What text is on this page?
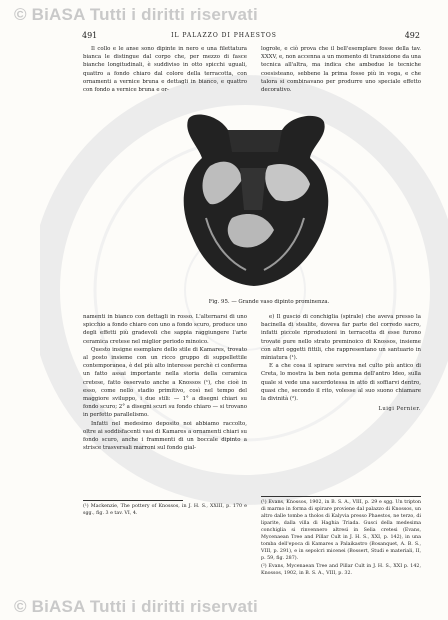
© BiASA Tutti i diritti riservati
© BiASA Tutti i diritti riservati
491	IL PALAZZO DI PHAESTOS	492

Il collo e le anse sono dipinte in nero e una filettatura bianca le distingue dal corpo che, per mezzo di fasce bianche longitudinali, è suddiviso in otto spicchi uguali, quattro a fondo chiaro dal colore della terracotta, con ornamenti a vernice bruna e dettagli in bianco, e quattro con fondo a vernice bruna e or-

logrołe, e ciò prova che il bell'esemplare fosse della tav. XXXV, e, non accenna a un momento di transizione da una tecnica all'altra, ma indica che ambedue le tecniche coesisteano, sebbene la prima fosse più in voga, e che talora si combinavano per produrre uno speciale effetto decorativo.

Fig. 95. — Grande vaso dipinto prominenza.

namenti in bianco con dettagli in rosso. L'alternarsi di uno spicchio a fondo chiaro con uno a fondo scuro, produce uno degli effetti più gradevoli che sappia raggiungere l'arte ceramica cretese nel miglior periodo minoico.

Questo insigne esemplare dello stile di Kamares, trovato al posto insieme con un ricco gruppo di suppellettile contemporanea, è del più alto interesse perchè ci conferma un fatto assai importante nella storia della ceramica cretese, fatto osservato anche a Knossos (¹), che cioè in esso, come nello stadio primitivo, così nel tempo del maggiore sviluppo, i due stili: — 1° a disegni chiari su fondo scuro; 2° a disegni scuri su fondo chiaro — si trovano in perfetto parallelismo.

Infatti nel medesimo deposito noi abbiamo raccolto, oltre ai soddisfacenti vasi di Kamares a ornamenti chiari su fondo scuro, anche i frammenti di un boccale dipinto a strisce trasversali marroni sul fondo gial-

e) Il guscio di conchiglia (spirale) che aveva presso la bacinella di stealite, doveva far parte del corredo sacro, infatti piccole riproduzioni in terracotta di esse furono trovate pure nello strato preminoico di Knossos, insieme con altri oggetti fittili, che rappresentano un santuario in miniatura (¹).

E a che cosa il spirare serviva nel culto più antico di Creta, lo mostra la ben nota gemma dell'antro Ideo, sulla quale si vede una sacerdotessa in atto di soffiarvi dentro, quasi che, secondo il rito, volesse al suo suono chiamare la divinità (²).

Luigi Pernier.

(¹) Mackenzie, The pottery of Knossos, in J. H. S., XXIII, p. 170 e sgg., fig. 3 e tav. VI, 4.

(¹) Evans, Knossos, 1902, in B. S. A., VIII, p. 29 e sgg. Un tripton di marmo in forma di spirare proviene dal palazzo di Knossos, un altro dalle tombe a tholos di Kalyvia presso Phaestos, ne terzo, di liparite, dalla villa di Haghia Triada. Gusci della medesima conchiglia si rinvennero altresì in Selia cretesi (Evans, Mycenaean Tree and Pillar Cult in J. H. S., XXI, p. 142), in una tomba dell'epoca di Kamares a Palaikastro (Bosanquet, A. B. S., VIII, p. 291), e in sepolcri micenei (Bossert, Studi e materiali, II, p. 59, fig. 287).

(²) Evans, Mycenaean Tree and Pillar Cult in J. H. S., XXI p. 142, Knossos, 1902, in B. S. A., VIII, p. 32.
